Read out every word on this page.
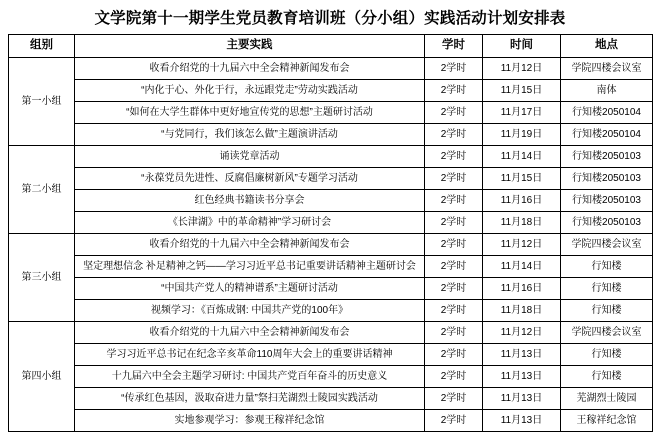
文学院第十一期学生党员教育培训班（分小组）实践活动计划安排表
组别	主要实践	学时	时间	地点
第一小组	收看介绍党的十九届六中全会精神新闻发布会	2学时	11月12日	学院四楼会议室
	“内化于心、外化于行，永远跟党走”劳动实践活动	2学时	11月15日	南体
	“如何在大学生群体中更好地宣传党的思想”主题研讨活动	2学时	11月17日	行知楼2050104
	“与党同行，我们该怎么做”主题演讲活动	2学时	11月19日	行知楼2050104
第二小组	诵读党章活动	2学时	11月14日	行知楼2050103
	“永葆党员先进性、反腐倡廉树新风”专题学习活动	2学时	11月15日	行知楼2050103
	红色经典书籍读书分享会	2学时	11月16日	行知楼2050103
	《长津湖》中的革命精神”学习研讨会	2学时	11月18日	行知楼2050103
第三小组	收看介绍党的十九届六中全会精神新闻发布会	2学时	11月12日	学院四楼会议室
	坚定理想信念 补足精神之钙——学习习近平总书记重要讲话精神主题研讨会	2学时	11月14日	行知楼
	“中国共产党人的精神谱系”主题研讨活动	2学时	11月16日	行知楼
	视频学习：《百炼成钢: 中国共产党的100年》	2学时	11月18日	行知楼
第四小组	收看介绍党的十九届六中全会精神新闻发布会	2学时	11月12日	学院四楼会议室
	学习习近平总书记在纪念辛亥革命110周年大会上的重要讲话精神	2学时	11月13日	行知楼
	十九届六中全会主题学习研讨: 中国共产党百年奋斗的历史意义	2学时	11月13日	行知楼
	“传承红色基因，汲取奋进力量”祭扫芜湖烈士陵园实践活动	2学时	11月13日	芜湖烈士陵园
	实地参观学习：参观王稼祥纪念馆	2学时	11月13日	王稼祥纪念馆
